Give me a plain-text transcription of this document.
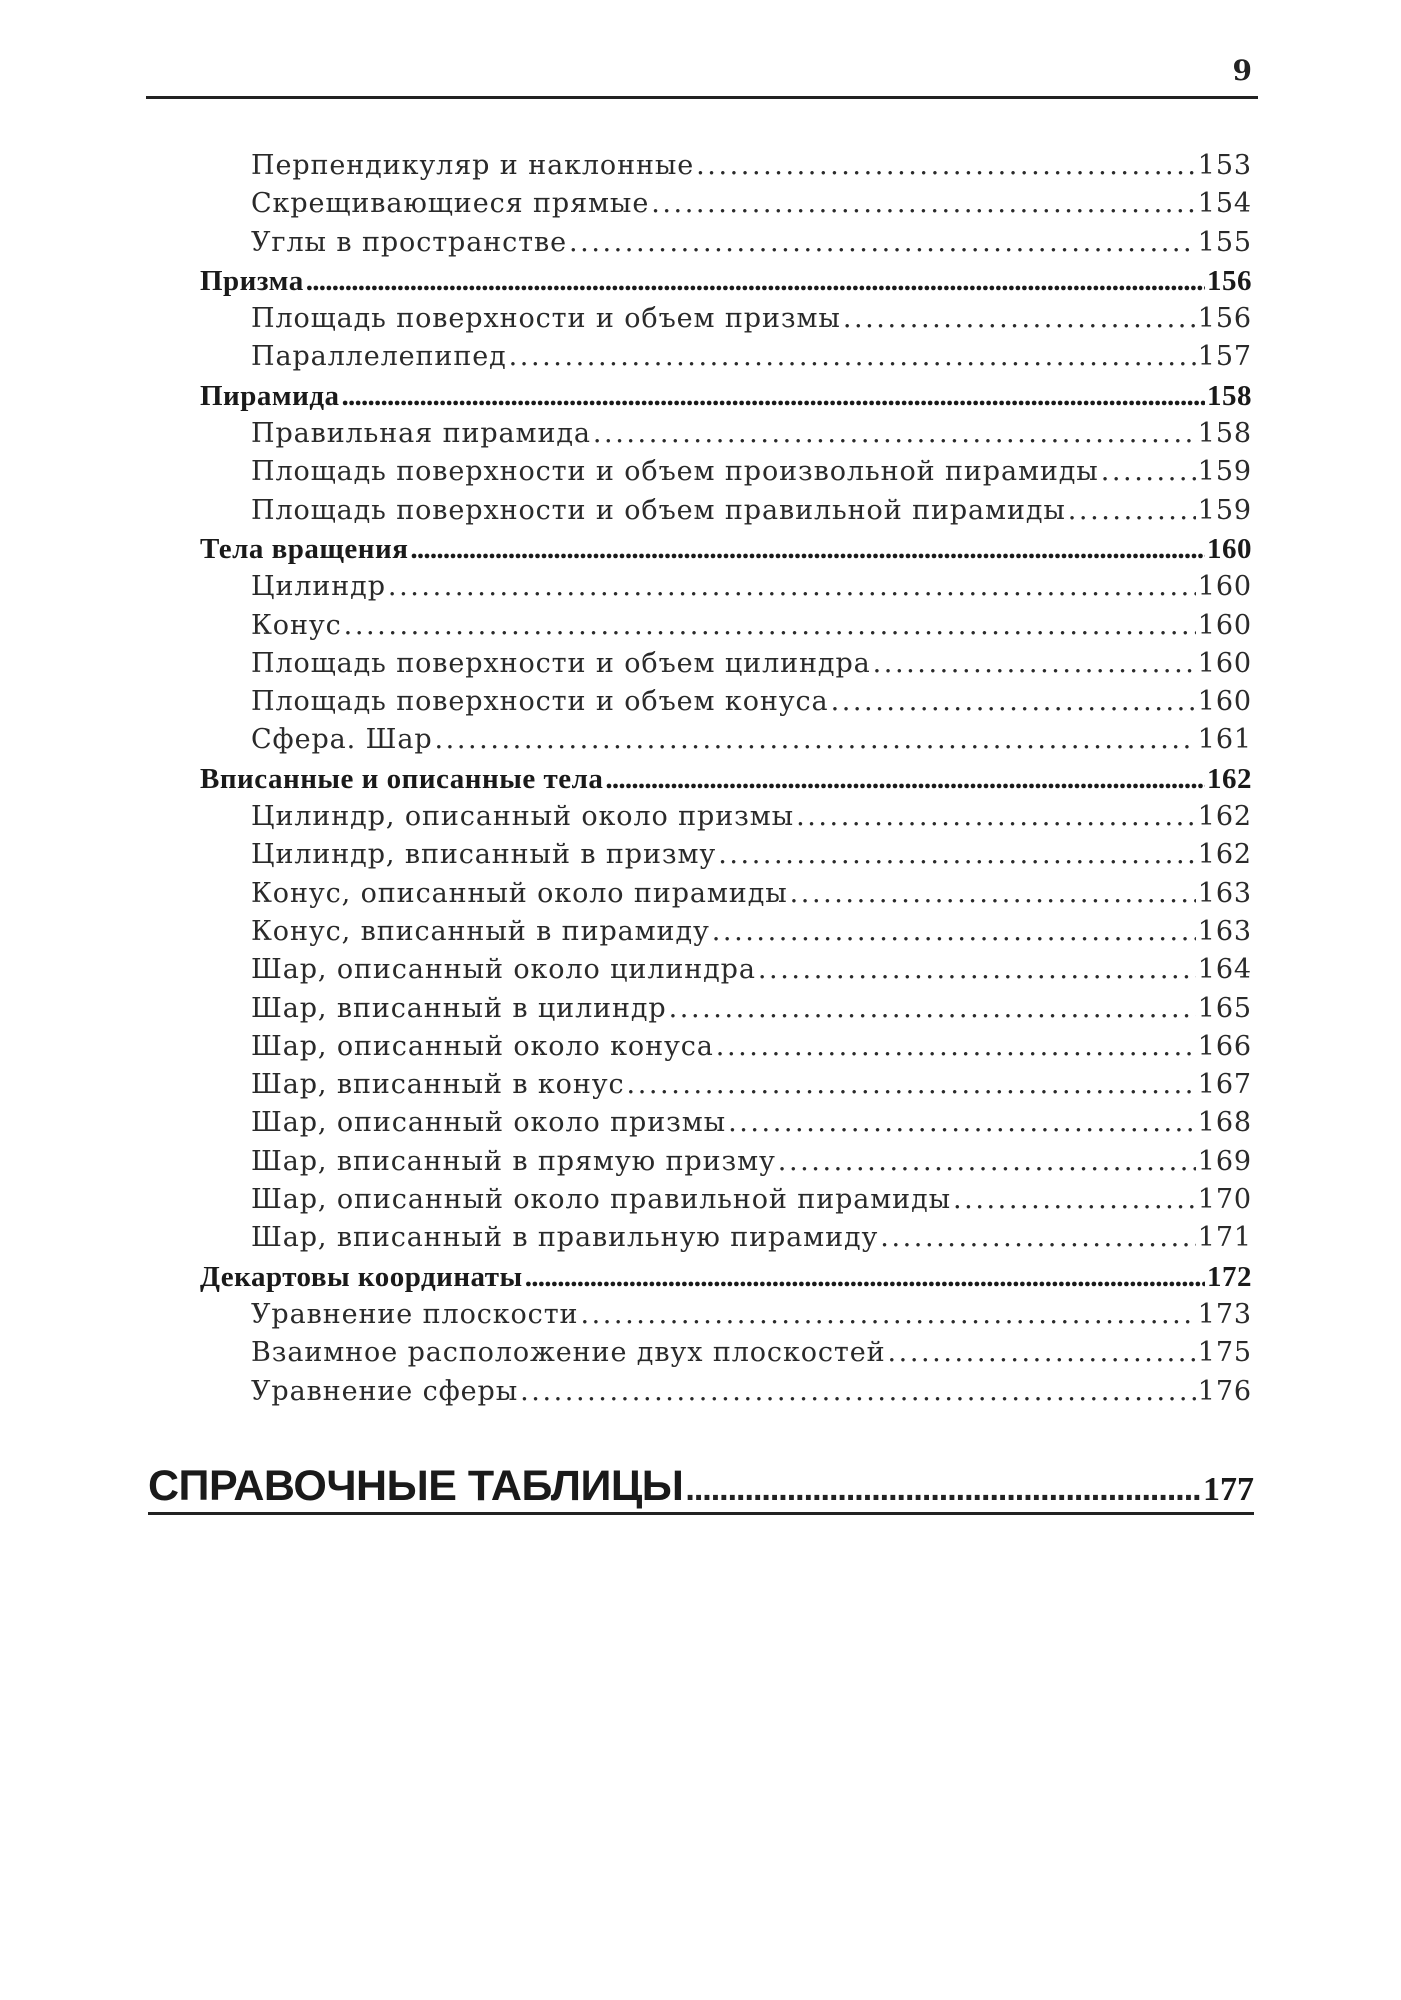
9
Перпендикуляр и наклонные . . .	153
Скрещивающиеся прямые . . .	154
Углы в пространстве . . .	155
Призма . . .	156
Площадь поверхности и объем призмы . . .	156
Параллелепипед . . .	157
Пирамида . . .	158
Правильная пирамида . . .	158
Площадь поверхности и объем произвольной пирамиды . . .	159
Площадь поверхности и объем правильной пирамиды . . .	159
Тела вращения . . .	160
Цилиндр . . .	160
Конус . . .	160
Площадь поверхности и объем цилиндра . . .	160
Площадь поверхности и объем конуса . . .	160
Сфера. Шар . . .	161
Вписанные и описанные тела . . .	162
Цилиндр, описанный около призмы . . .	162
Цилиндр, вписанный в призму . . .	162
Конус, описанный около пирамиды . . .	163
Конус, вписанный в пирамиду . . .	163
Шар, описанный около цилиндра . . .	164
Шар, вписанный в цилиндр . . .	165
Шар, описанный около конуса . . .	166
Шар, вписанный в конус . . .	167
Шар, описанный около призмы . . .	168
Шар, вписанный в прямую призму . . .	169
Шар, описанный около правильной пирамиды . . .	170
Шар, вписанный в правильную пирамиду . . .	171
Декартовы координаты . . .	172
Уравнение плоскости . . .	173
Взаимное расположение двух плоскостей . . .	175
Уравнение сферы . . .	176
СПРАВОЧНЫЕ ТАБЛИЦЫ .....	177
